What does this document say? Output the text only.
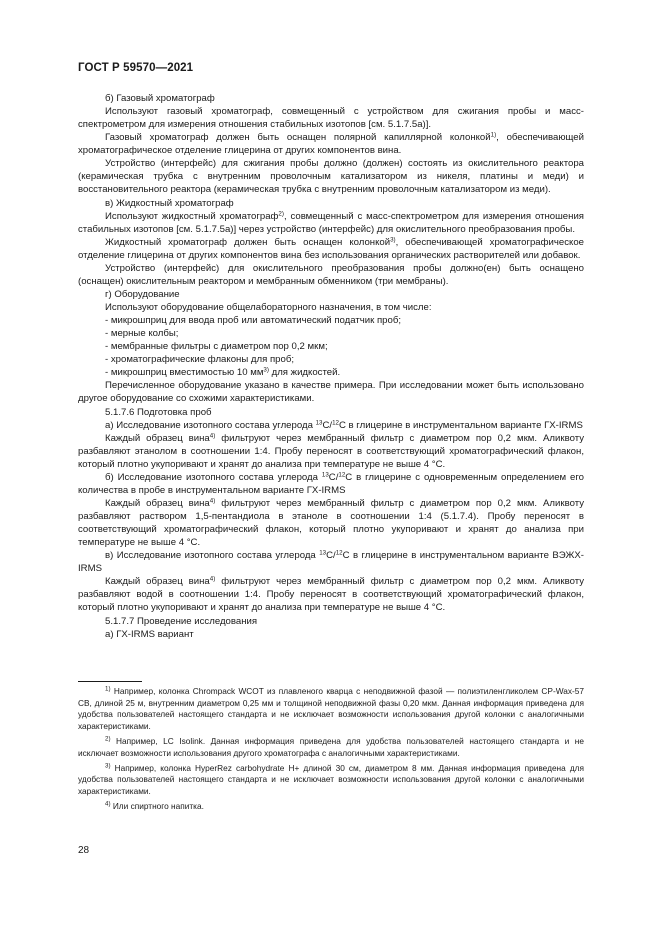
ГОСТ Р 59570—2021

б) Газовый хроматограф

Используют газовый хроматограф, совмещенный с устройством для сжигания пробы и масс-спектрометром для измерения отношения стабильных изотопов [см. 5.1.7.5а)].

Газовый хроматограф должен быть оснащен полярной капиллярной колонкой$^{1)}$, обеспечивающей хроматографическое отделение глицерина от других компонентов вина.

Устройство (интерфейс) для сжигания пробы должно (должен) состоять из окислительного реактора (керамическая трубка с внутренним проволочным катализатором из никеля, платины и меди) и восстановительного реактора (керамическая трубка с внутренним проволочным катализатором из меди).

в) Жидкостный хроматограф

Используют жидкостный хроматограф$^{2)}$, совмещенный с масс-спектрометром для измерения отношения стабильных изотопов [см. 5.1.7.5а)] через устройство (интерфейс) для окислительного преобразования пробы.

Жидкостный хроматограф должен быть оснащен колонкой$^{3)}$, обеспечивающей хроматографическое отделение глицерина от других компонентов вина без использования органических растворителей или добавок.

Устройство (интерфейс) для окислительного преобразования пробы должно(ен) быть оснащено (оснащен) окислительным реактором и мембранным обменником (три мембраны).

г) Оборудование

Используют оборудование общелабораторного назначения, в том числе:

- микрошприц для ввода проб или автоматический податчик проб;

- мерные колбы;

- мембранные фильтры с диаметром пор 0,2 мкм;

- хроматографические флаконы для проб;

- микрошприц вместимостью 10 $мм^{3)}$ для жидкостей.

Перечисленное оборудование указано в качестве примера. При исследовании может быть использовано другое оборудование со схожими характеристиками.

5.1.7.6 Подготовка проб

а) Исследование изотопного состава углерода $^{13}$C/$^{12}$C в глицерине в инструментальном варианте ГХ-IRMS

Каждый образец вина$^{4)}$ фильтруют через мембранный фильтр с диаметром пор 0,2 мкм. Аликвоту разбавляют этанолом в соотношении 1:4. Пробу переносят в соответствующий хроматографический флакон, который плотно укупоривают и хранят до анализа при температуре не выше 4 °С.

б) Исследование изотопного состава углерода $^{13}$C/$^{12}$C в глицерине с одновременным определением его количества в пробе в инструментальном варианте ГХ-IRMS

Каждый образец вина$^{4)}$ фильтруют через мембранный фильтр с диаметром пор 0,2 мкм. Аликвоту разбавляют раствором 1,5-пентандиола в этаноле в соотношении 1:4 (5.1.7.4). Пробу переносят в соответствующий хроматографический флакон, который плотно укупоривают и хранят до анализа при температуре не выше 4 °С.

в) Исследование изотопного состава углерода $^{13}$C/$^{12}$C в глицерине в инструментальном варианте ВЭЖХ-IRMS

Каждый образец вина$^{4)}$ фильтруют через мембранный фильтр с диаметром пор 0,2 мкм. Аликвоту разбавляют водой в соотношении 1:4. Пробу переносят в соответствующий хроматографический флакон, который плотно укупоривают и хранят до анализа при температуре не выше 4 °С.

5.1.7.7 Проведение исследования

а) ГХ-IRMS вариант

$^{1)}$ Например, колонка Chrompack WCOT из плавленого кварца с неподвижной фазой — полиэтиленгликолем CP-Wax-57 CB, длиной 25 м, внутренним диаметром 0,25 мм и толщиной неподвижной фазы 0,20 мкм. Данная информация приведена для удобства пользователей настоящего стандарта и не исключает возможности использования другой колонки с аналогичными характеристиками.

$^{2)}$ Например, LC Isolink. Данная информация приведена для удобства пользователей настоящего стандарта и не исключает возможности использования другого хроматографа с аналогичными характеристиками.

$^{3)}$ Например, колонка HyperRez carbohydrate H+ длиной 30 см, диаметром 8 мм. Данная информация приведена для удобства пользователей настоящего стандарта и не исключает возможности использования другой колонки с аналогичными характеристиками.

$^{4)}$ Или спиртного напитка.

28
